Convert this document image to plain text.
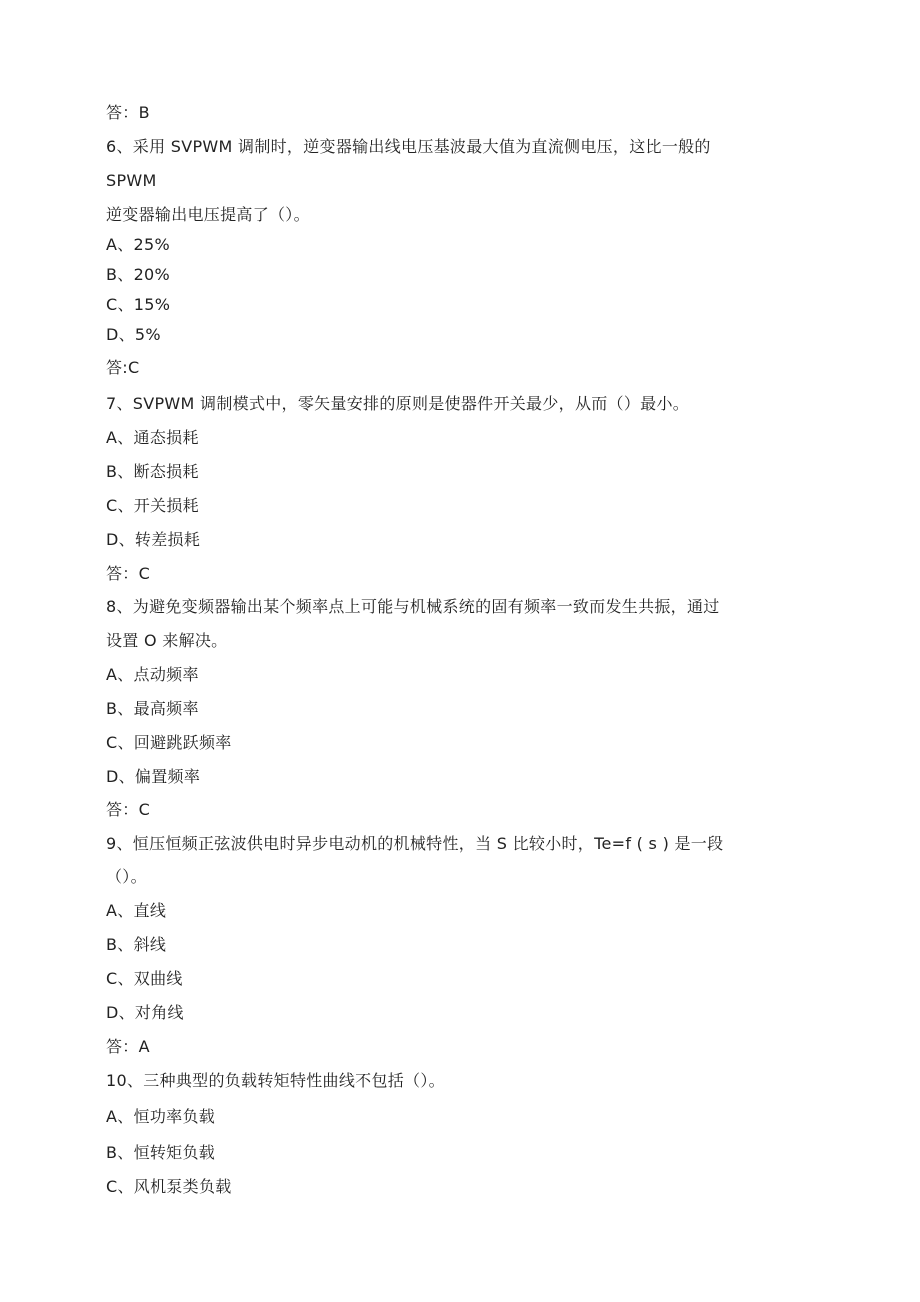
答：B
6、采用 SVPWM 调制时，逆变器输出线电压基波最大值为直流侧电压，这比一般的
SPWM
逆变器输出电压提高了（）。
A、25%
B、20%
C、15%
D、5%
答:C
7、SVPWM 调制模式中，零矢量安排的原则是使器件开关最少，从而（）最小。
A、通态损耗
B、断态损耗
C、开关损耗
D、转差损耗
答：C
8、为避免变频器输出某个频率点上可能与机械系统的固有频率一致而发生共振，通过
设置 O 来解决。
A、点动频率
B、最高频率
C、回避跳跃频率
D、偏置频率
答：C
9、恒压恒频正弦波供电时异步电动机的机械特性，当 S 比较小时，Te=f ( s ) 是一段
（）。
A、直线
B、斜线
C、双曲线
D、对角线
答：A
10、三种典型的负载转矩特性曲线不包括（）。
A、恒功率负载
B、恒转矩负载
C、风机泵类负载
